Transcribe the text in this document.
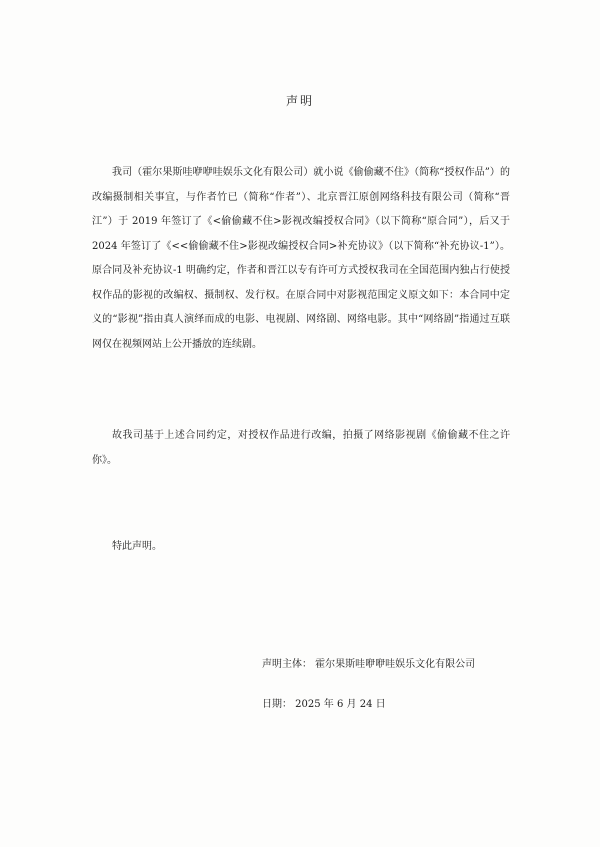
声明

我司（霍尔果斯哇咿咿哇娱乐文化有限公司）就小说《偷偷藏不住》（简称“授权作品”）的改编摄制相关事宜，与作者竹已（简称“作者”）、北京晋江原创网络科技有限公司（简称“晋江”）于 2019 年签订了《<偷偷藏不住>影视改编授权合同》（以下简称“原合同”），后又于 2024 年签订了《<<偷偷藏不住>影视改编授权合同>补充协议》（以下简称“补充协议-1”）。原合同及补充协议-1 明确约定，作者和晋江以专有许可方式授权我司在全国范围内独占行使授权作品的影视的改编权、摄制权、发行权。在原合同中对影视范围定义原文如下：本合同中定义的“影视”指由真人演绎而成的电影、电视剧、网络剧、网络电影。其中“网络剧”指通过互联网仅在视频网站上公开播放的连续剧。

故我司基于上述合同约定，对授权作品进行改编，拍摄了网络影视剧《偷偷藏不住之许你》。

特此声明。

声明主体： 霍尔果斯哇咿咿哇娱乐文化有限公司
日期： 2025 年 6 月 24 日
